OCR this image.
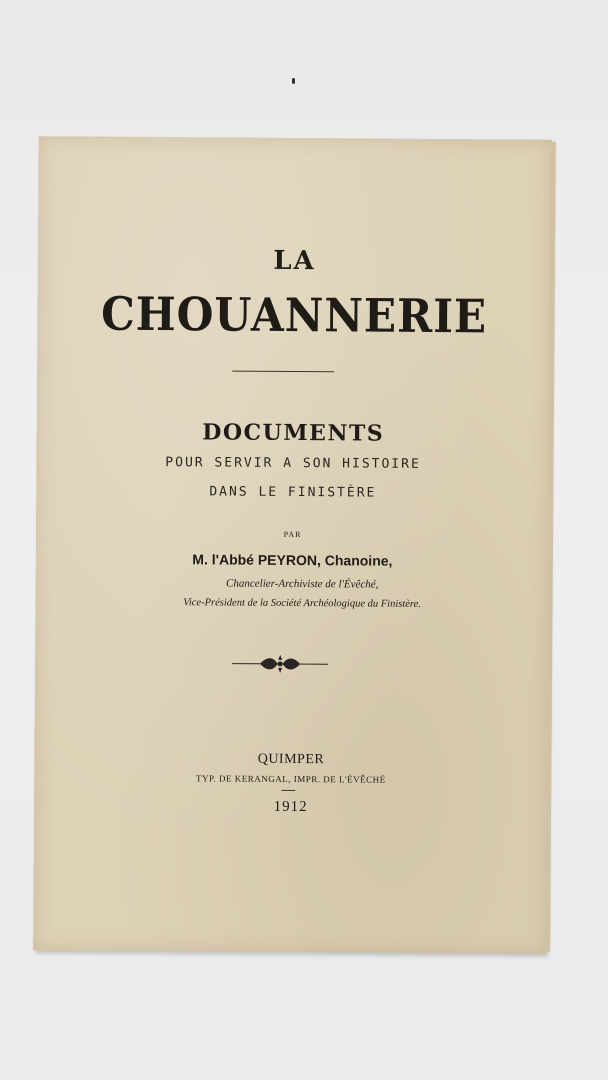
LA
CHOUANNERIE
DOCUMENTS
POUR SERVIR A SON HISTOIRE
DANS LE FINISTÈRE
PAR
M. l'Abbé PEYRON, Chanoine,
Chancelier-Archiviste de l'Évêché,
Vice-Président de la Société Archéologique du Finistère.
QUIMPER
TYP. DE KERANGAL, IMPR. DE L'ÉVÊCHÉ
1912
